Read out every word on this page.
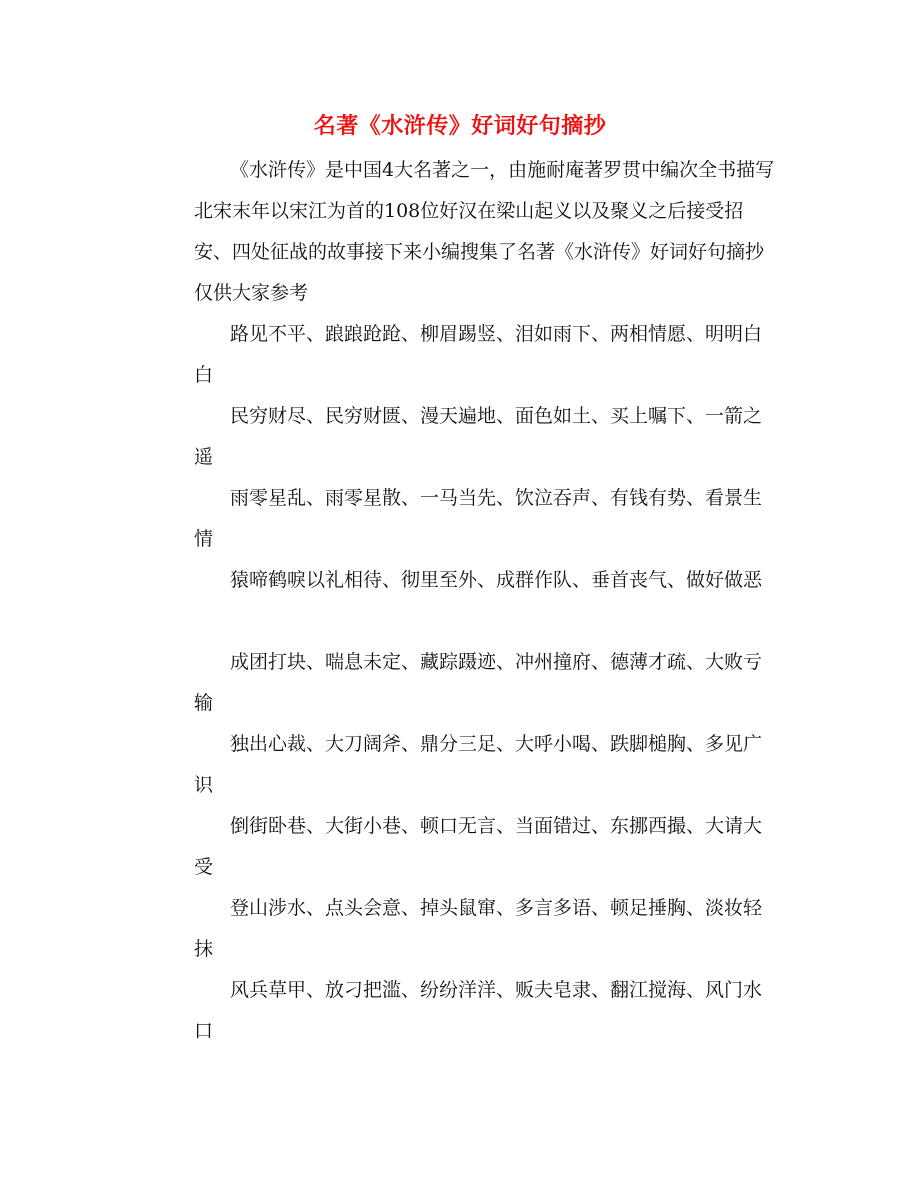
名著《水浒传》好词好句摘抄
《水浒传》是中国4大名著之一，由施耐庵著罗贯中编次全书描写北宋末年以宋江为首的108位好汉在梁山起义以及聚义之后接受招安、四处征战的故事接下来小编搜集了名著《水浒传》好词好句摘抄仅供大家参考
路见不平、踉踉跄跄、柳眉踢竖、泪如雨下、两相情愿、明明白白
民穷财尽、民穷财匮、漫天遍地、面色如土、买上嘱下、一箭之遥
雨零星乱、雨零星散、一马当先、饮泣吞声、有钱有势、看景生情
猿啼鹤唳以礼相待、彻里至外、成群作队、垂首丧气、做好做恶
成团打块、喘息未定、藏踪蹑迹、冲州撞府、德薄才疏、大败亏输
独出心裁、大刀阔斧、鼎分三足、大呼小喝、跌脚槌胸、多见广识
倒街卧巷、大街小巷、顿口无言、当面错过、东挪西撮、大请大受
登山涉水、点头会意、掉头鼠窜、多言多语、顿足捶胸、淡妆轻抹
风兵草甲、放刁把滥、纷纷洋洋、贩夫皂隶、翻江搅海、风门水口
